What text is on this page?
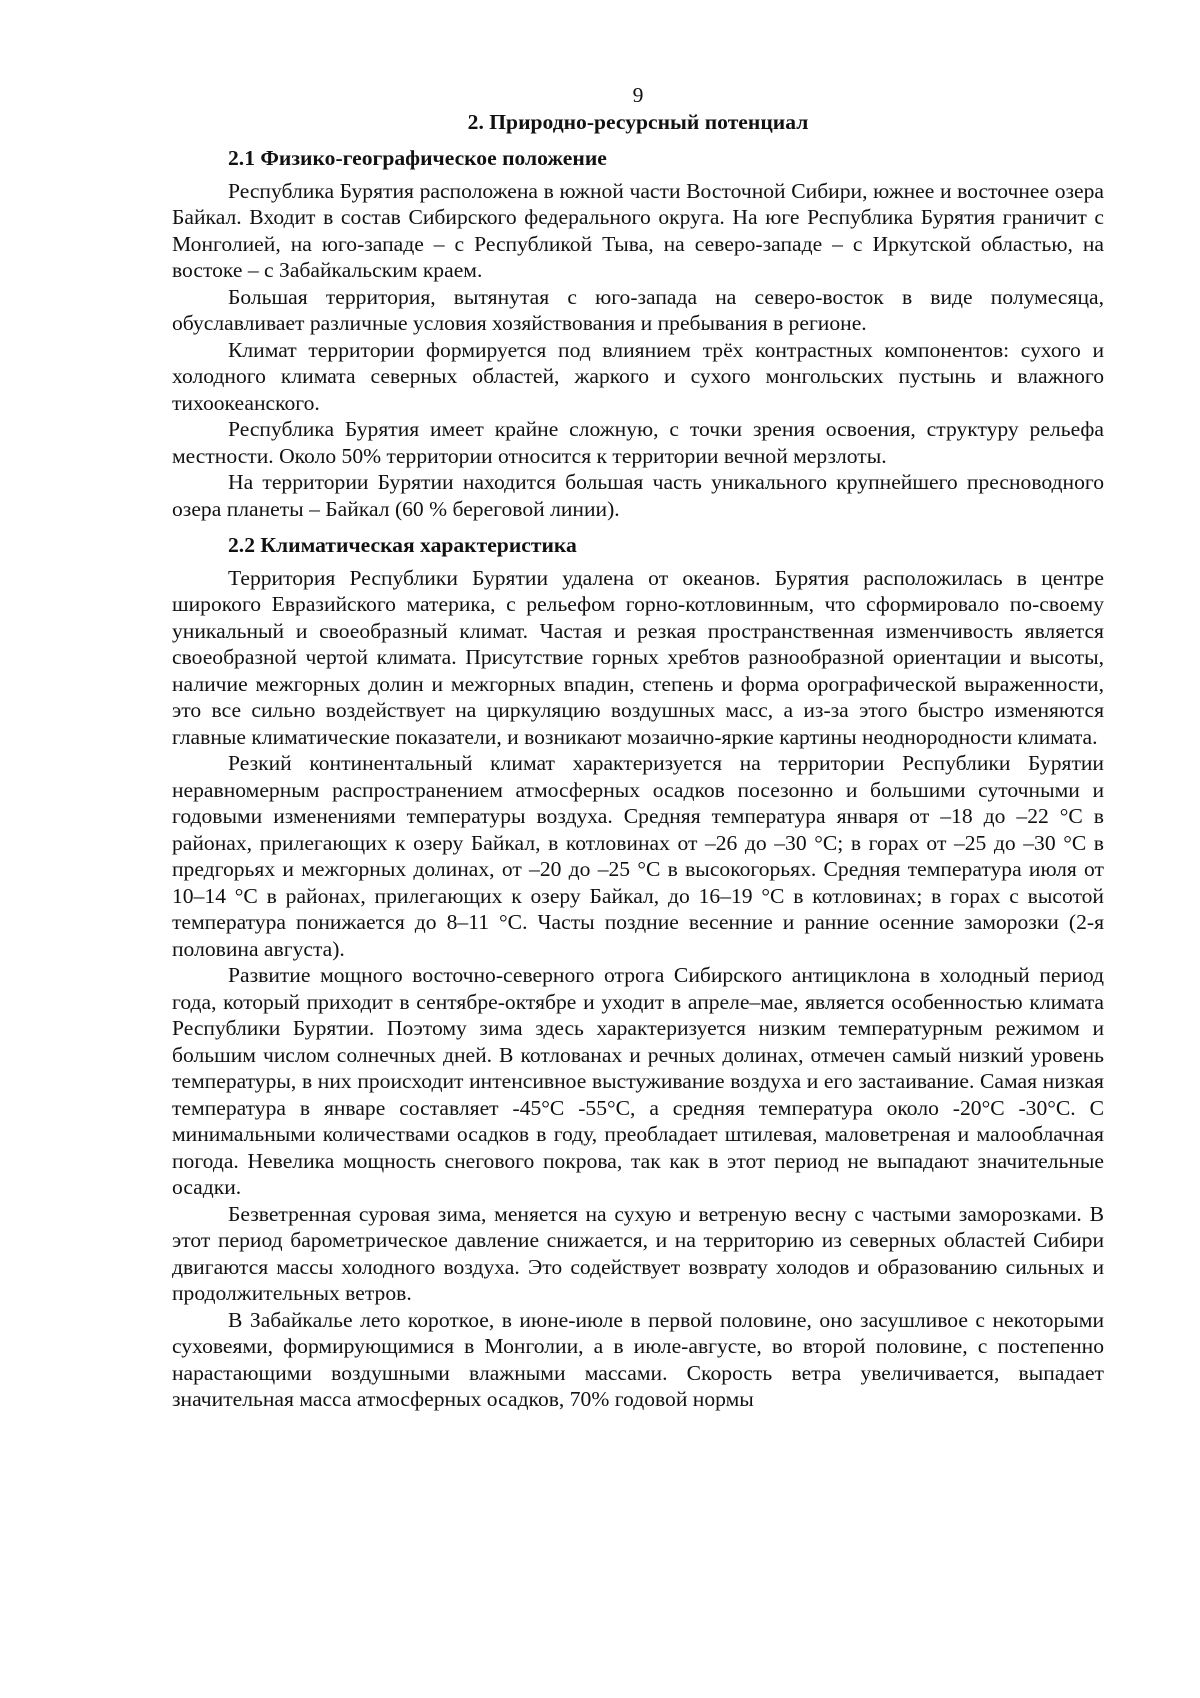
9
2. Природно-ресурсный потенциал
2.1 Физико-географическое положение

Республика Бурятия расположена в южной части Восточной Сибири, южнее и восточнее озера Байкал. Входит в состав Сибирского федерального округа. На юге Республика Бурятия граничит с Монголией, на юго-западе – с Республикой Тыва, на северо-западе – с Иркутской областью, на востоке – с Забайкальским краем.

Большая территория, вытянутая с юго-запада на северо-восток в виде полумесяца, обуславливает различные условия хозяйствования и пребывания в регионе.

Климат территории формируется под влиянием трёх контрастных компонентов: сухого и холодного климата северных областей, жаркого и сухого монгольских пустынь и влажного тихоокеанского.

Республика Бурятия имеет крайне сложную, с точки зрения освоения, структуру рельефа местности. Около 50% территории относится к территории вечной мерзлоты.

На территории Бурятии находится большая часть уникального крупнейшего пресноводного озера планеты – Байкал (60 % береговой линии).

2.2 Климатическая характеристика

Территория Республики Бурятии удалена от океанов. Бурятия расположилась в центре широкого Евразийского материка, с рельефом горно-котловинным, что сформировало по-своему уникальный и своеобразный климат. Частая и резкая пространственная изменчивость является своеобразной чертой климата. Присутствие горных хребтов разнообразной ориентации и высоты, наличие межгорных долин и межгорных впадин, степень и форма орографической выраженности, это все сильно воздействует на циркуляцию воздушных масс, а из-за этого быстро изменяются главные климатические показатели, и возникают мозаично-яркие картины неоднородности климата.

Резкий континентальный климат характеризуется на территории Республики Бурятии неравномерным распространением атмосферных осадков посезонно и большими суточными и годовыми изменениями температуры воздуха. Средняя температура января от –18 до –22 °С в районах, прилегающих к озеру Байкал, в котловинах от –26 до –30 °С; в горах от –25 до –30 °С в предгорьях и межгорных долинах, от –20 до –25 °С в высокогорьях. Средняя температура июля от 10–14 °С в районах, прилегающих к озеру Байкал, до 16–19 °С в котловинах; в горах с высотой температура понижается до 8–11 °С. Часты поздние весенние и ранние осенние заморозки (2-я половина августа).

Развитие мощного восточно-северного отрога Сибирского антициклона в холодный период года, который приходит в сентябре-октябре и уходит в апреле–мае, является особенностью климата Республики Бурятии. Поэтому зима здесь характеризуется низким температурным режимом и большим числом солнечных дней. В котлованах и речных долинах, отмечен самый низкий уровень температуры, в них происходит интенсивное выстуживание воздуха и его застаивание. Самая низкая температура в январе составляет -45°С -55°С, а средняя температура около -20°С -30°С. С минимальными количествами осадков в году, преобладает штилевая, маловетреная и малооблачная погода. Невелика мощность снегового покрова, так как в этот период не выпадают значительные осадки.

Безветренная суровая зима, меняется на сухую и ветреную весну с частыми заморозками. В этот период барометрическое давление снижается, и на территорию из северных областей Сибири двигаются массы холодного воздуха. Это содействует возврату холодов и образованию сильных и продолжительных ветров.

В Забайкалье лето короткое, в июне-июле в первой половине, оно засушливое с некоторыми суховеями, формирующимися в Монголии, а в июле-августе, во второй половине, с постепенно нарастающими воздушными влажными массами. Скорость ветра увеличивается, выпадает значительная масса атмосферных осадков, 70% годовой нормы
